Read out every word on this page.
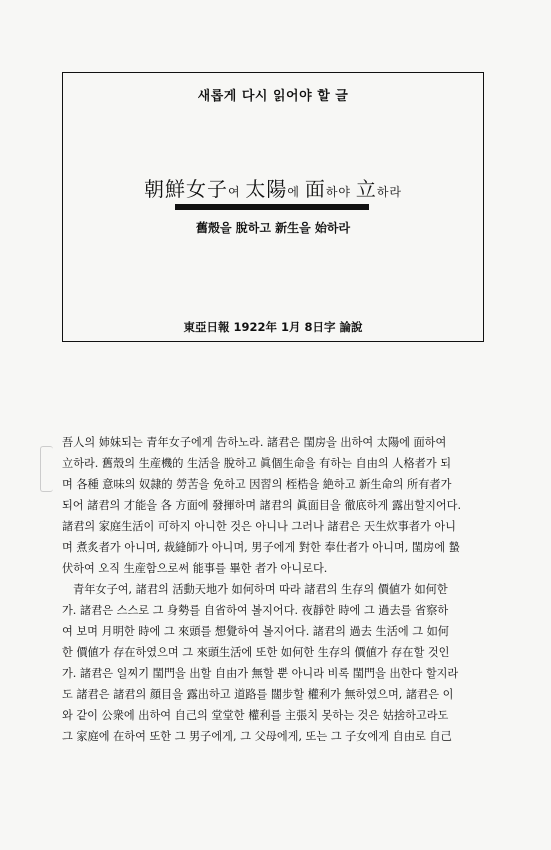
새롭게 다시 읽어야 할 글
朝鮮女子여 太陽에 面하야 立하라
舊殼을 脫하고 新生을 始하라
東亞日報 1922年 1月 8日字 論說
吾人의 姉妹되는 青年女子에게 告하노라. 諸君은 閨房을 出하여 太陽에 面하여
立하라. 舊殼의 生産機的 生活을 脫하고 眞個生命을 有하는 自由의 人格者가 되
며 各種 意味의 奴隷的 勞苦을 免하고 因習의 桎梏을 絶하고 新生命의 所有者가
되어 諸君의 才能을 各 方面에 發揮하며 諸君의 眞面目을 徹底하게 露出할지어다.
諸君의 家庭生活이 可하지 아니한 것은 아니나 그러나 諸君은 天生炊事者가 아니
며 煮炙者가 아니며, 裁縫師가 아니며, 男子에게 對한 奉仕者가 아니며, 閨房에 蟄
伏하여 오직 生産함으로써 能事를 畢한 者가 아니로다.
青年女子여, 諸君의 活動天地가 如何하며 따라 諸君의 生存의 價値가 如何한
가. 諸君은 스스로 그 身勢를 自省하여 볼지어다. 夜靜한 時에 그 過去를 省察하
여 보며 月明한 時에 그 來頭를 想覺하여 볼지어다. 諸君의 過去 生活에 그 如何
한 價値가 存在하였으며 그 來頭生活에 또한 如何한 生存의 價値가 存在할 것인
가. 諸君은 일찌기 閨門을 出할 自由가 無할 뿐 아니라 비록 閨門을 出한다 할지라
도 諸君은 諸君의 顔目을 露出하고 道路를 闊步할 權利가 無하였으며, 諸君은 이
와 같이 公衆에 出하여 自己의 堂堂한 權利를 主張치 못하는 것은 姑捨하고라도
그 家庭에 在하여 또한 그 男子에게, 그 父母에게, 또는 그 子女에게 自由로 自己
